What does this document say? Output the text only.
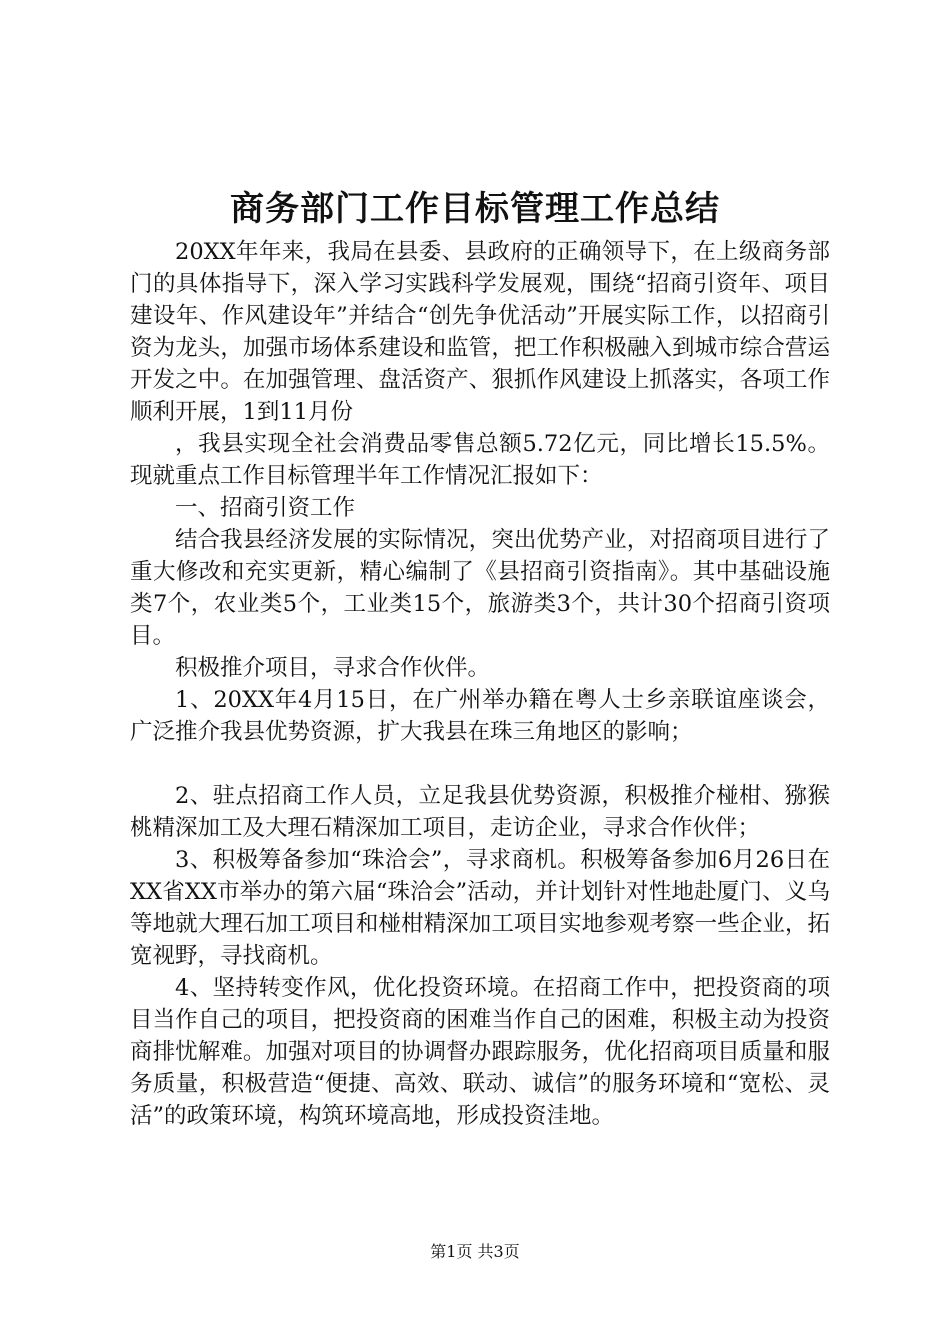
商务部门工作目标管理工作总结

20XX年年来，我局在县委、县政府的正确领导下，在上级商务部门的具体指导下，深入学习实践科学发展观，围绕“招商引资年、项目建设年、作风建设年”并结合“创先争优活动”开展实际工作，以招商引资为龙头，加强市场体系建设和监管，把工作积极融入到城市综合营运开发之中。在加强管理、盘活资产、狠抓作风建设上抓落实，各项工作顺利开展，1到11月份

，我县实现全社会消费品零售总额5.72亿元，同比增长15.5%。现就重点工作目标管理半年工作情况汇报如下：

一、招商引资工作

结合我县经济发展的实际情况，突出优势产业，对招商项目进行了重大修改和充实更新，精心编制了《县招商引资指南》。其中基础设施类7个，农业类5个，工业类15个，旅游类3个，共计30个招商引资项目。

积极推介项目，寻求合作伙伴。

1、20XX年4月15日，在广州举办籍在粤人士乡亲联谊座谈会，广泛推介我县优势资源，扩大我县在珠三角地区的影响；

2、驻点招商工作人员，立足我县优势资源，积极推介椪柑、猕猴桃精深加工及大理石精深加工项目，走访企业，寻求合作伙伴；

3、积极筹备参加“珠洽会”，寻求商机。积极筹备参加6月26日在XX省XX市举办的第六届“珠洽会”活动，并计划针对性地赴厦门、义乌等地就大理石加工项目和椪柑精深加工项目实地参观考察一些企业，拓宽视野，寻找商机。

4、坚持转变作风，优化投资环境。在招商工作中，把投资商的项目当作自己的项目，把投资商的困难当作自己的困难，积极主动为投资商排忧解难。加强对项目的协调督办跟踪服务，优化招商项目质量和服务质量，积极营造“便捷、高效、联动、诚信”的服务环境和“宽松、灵活”的政策环境，构筑环境高地，形成投资洼地。

第1页 共3页
